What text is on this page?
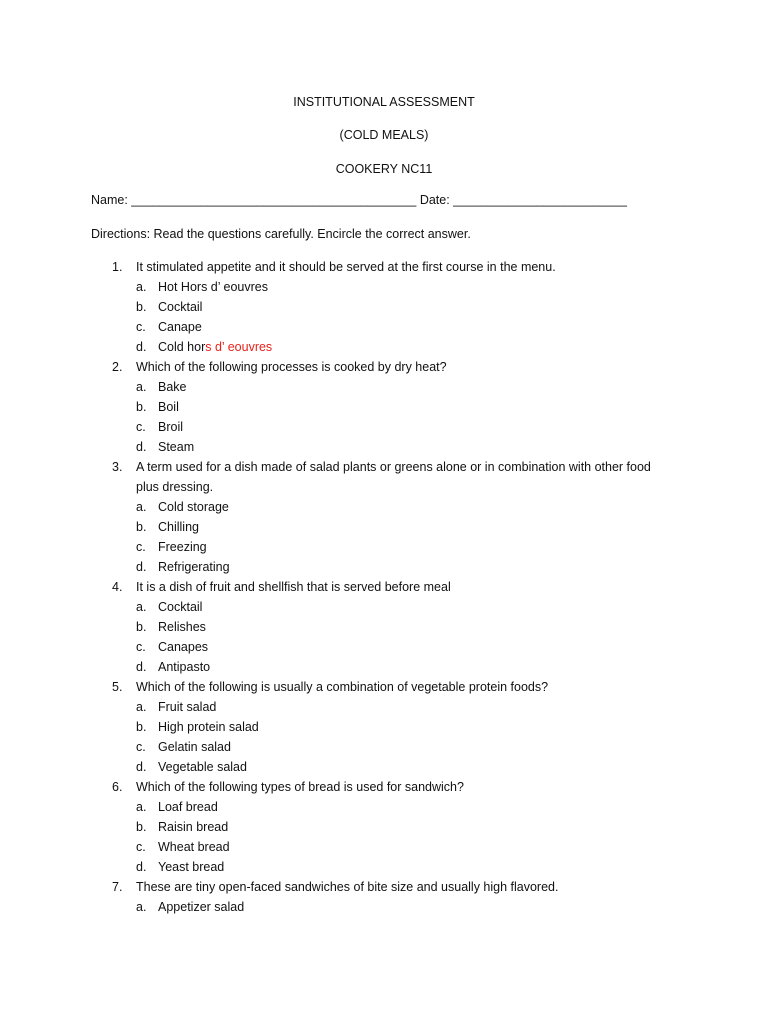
INSTITUTIONAL ASSESSMENT
(COLD MEALS)
COOKERY NC11
Name: _________________________________________ Date: _________________________
Directions: Read the questions carefully. Encircle the correct answer.
1.	It stimulated appetite and it should be served at the first course in the menu.
a. Hot Hors d’ eouvres
b. Cocktail
c. Canape
d. Cold hors d’ eouvres
2.	Which of the following processes is cooked by dry heat?
a. Bake
b. Boil
c. Broil
d. Steam
3.	A term used for a dish made of salad plants or greens alone or in combination with other food plus dressing.
a. Cold storage
b. Chilling
c. Freezing
d. Refrigerating
4.	It is a dish of fruit and shellfish that is served before meal
a. Cocktail
b. Relishes
c. Canapes
d. Antipasto
5.	Which of the following is usually a combination of vegetable protein foods?
a. Fruit salad
b. High protein salad
c. Gelatin salad
d. Vegetable salad
6.	Which of the following types of bread is used for sandwich?
a. Loaf bread
b. Raisin bread
c. Wheat bread
d. Yeast bread
7.	These are tiny open-faced sandwiches of bite size and usually high flavored.
a. Appetizer salad
